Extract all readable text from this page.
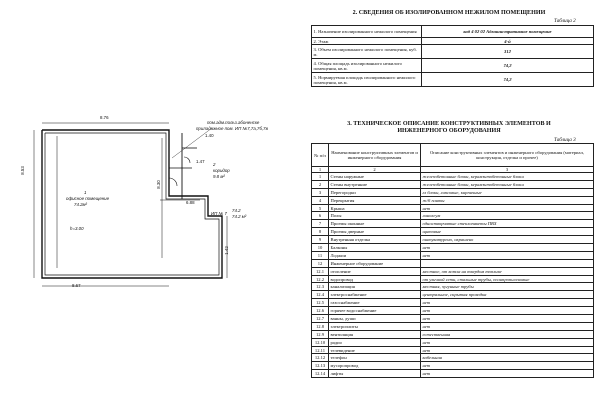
8.76
8.53
8.67
8.30
1.42
6.88
1.47
1.40
1
офисное помещение
74.2м²
h=3.00
2
коридор
9.8 м²
ИП № 7
74.2
74.2 м²
пом.адм.польз.абоненске
приладажное пом. ИП №7,7а,7б,7в
2. СВЕДЕНИЯ ОБ ИЗОЛИРОВАННОМ НЕЖИЛОМ ПОМЕЩЕНИИ
Таблица 2
1. Назначение изолированного нежилого помещения	код 4 02 02 Административное помещение
2. Этаж	4-й
3. Объем изолированного нежилого помещения, куб. м.	312
4. Общая площадь изолированного нежилого помещения, кв.м.	74,2
5. Нормируемая площадь изолированного нежилого помещения, кв.м.	74,2
3. ТЕХНИЧЕСКОЕ ОПИСАНИЕ КОНСТРУКТИВНЫХ ЭЛЕМЕНТОВ И
ИНЖЕНЕРНОГО ОБОРУДОВАНИЯ
Таблица 3
№ п/п	Наименование конструктивных элементов и инженерного оборудования	Описание конструктивных элементов и инженерного оборудования (материал, конструкция, отделка и прочее)
1	2	3
1	Стены наружные	железобетонные блоки, керамзитобетонные блоки
2	Стены внутренние	железобетонные блоки, керамзитобетонные блоки
3	Перегородки	гл блоки, гипсовые, кирпичные
4	Перекрытия	ж/б плиты
5	Крыша	нет
6	Полы	линолеум
7	Проемы оконные	одностворчатые стеклопакеты ПВХ
8	Проемы дверные	щитовые
9	Внутренняя отделка	оштукатурено, окрашено
10	Балконы	нет
11	Лоджии	нет
12	Инженерное оборудование	
12.1	отопление	местное, от котла на твердом топливе
12.2	водопровод	от уличной сети, стальные трубы, полипропиленовые
12.3	канализация	местная, чугунные трубы
12.4	электроснабжение	центральное, скрытая проводка
12.5	газоснабжение	нет
12.6	горячее водоснабжение	нет
12.7	ванны, души	нет
12.8	электроплиты	нет
12.9	вентиляция	естественная
12.10	радио	нет
12.11	телевидение	нет
12.12	телефон	кабельная
12.13	мусоропровод	нет
12.14	лифты	нет
